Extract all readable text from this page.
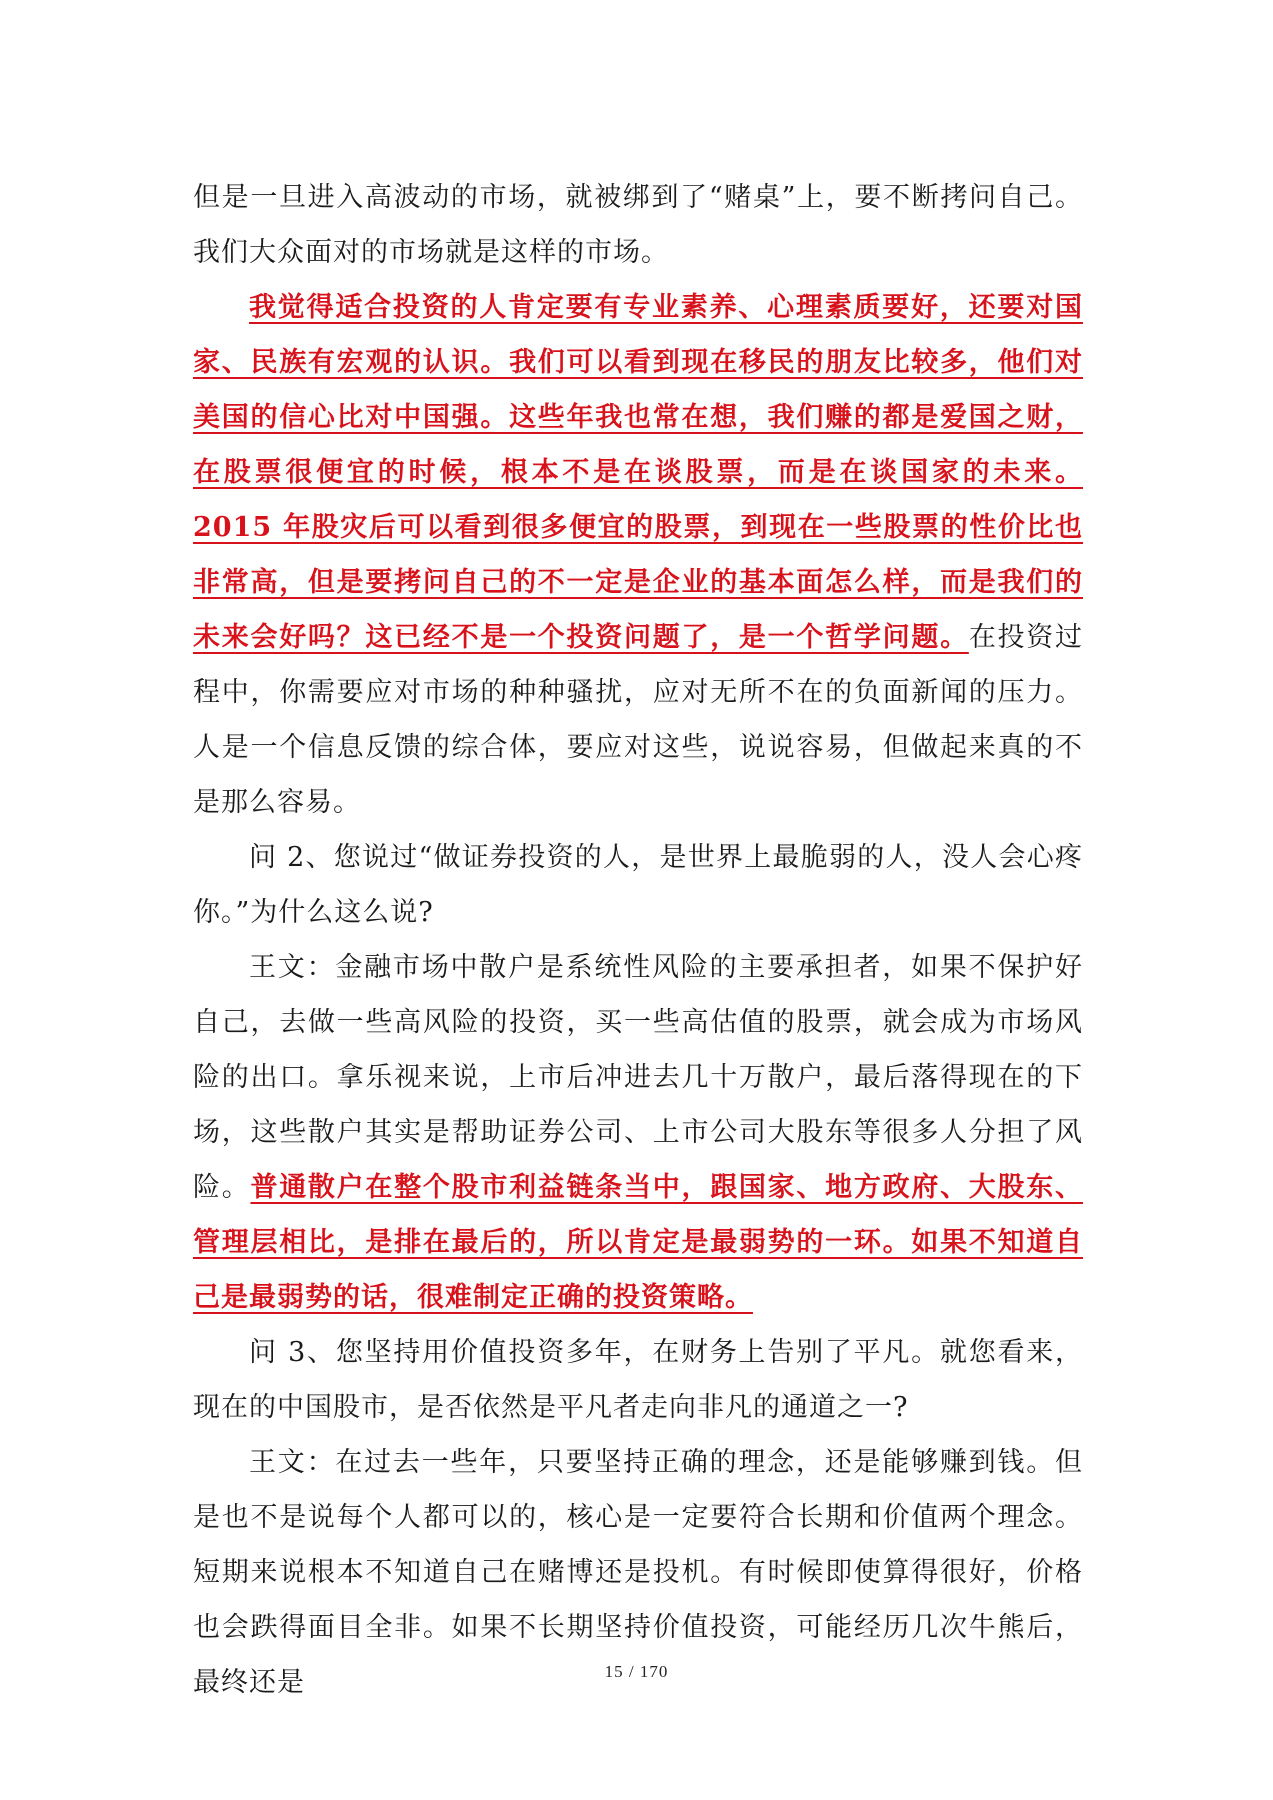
但是一旦进入高波动的市场，就被绑到了“赌桌”上，要不断拷问自己。我们大众面对的市场就是这样的市场。

我觉得适合投资的人肯定要有专业素养、心理素质要好，还要对国家、民族有宏观的认识。我们可以看到现在移民的朋友比较多，他们对美国的信心比对中国强。这些年我也常在想，我们赚的都是爱国之财，在股票很便宜的时候，根本不是在谈股票，而是在谈国家的未来。2015 年股灾后可以看到很多便宜的股票，到现在一些股票的性价比也非常高，但是要拷问自己的不一定是企业的基本面怎么样，而是我们的未来会好吗？这已经不是一个投资问题了，是一个哲学问题。在投资过程中，你需要应对市场的种种骚扰，应对无所不在的负面新闻的压力。人是一个信息反馈的综合体，要应对这些，说说容易，但做起来真的不是那么容易。

问 2、您说过“做证券投资的人，是世界上最脆弱的人，没人会心疼你。”为什么这么说?

王文：金融市场中散户是系统性风险的主要承担者，如果不保护好自己，去做一些高风险的投资，买一些高估值的股票，就会成为市场风险的出口。拿乐视来说，上市后冲进去几十万散户，最后落得现在的下场，这些散户其实是帮助证券公司、上市公司大股东等很多人分担了风险。普通散户在整个股市利益链条当中，跟国家、地方政府、大股东、管理层相比，是排在最后的，所以肯定是最弱势的一环。如果不知道自己是最弱势的话，很难制定正确的投资策略。

问 3、您坚持用价值投资多年，在财务上告别了平凡。就您看来，现在的中国股市，是否依然是平凡者走向非凡的通道之一?

王文：在过去一些年，只要坚持正确的理念，还是能够赚到钱。但是也不是说每个人都可以的，核心是一定要符合长期和价值两个理念。短期来说根本不知道自己在赌博还是投机。有时候即使算得很好，价格也会跌得面目全非。如果不长期坚持价值投资，可能经历几次牛熊后，最终还是	15 / 170
